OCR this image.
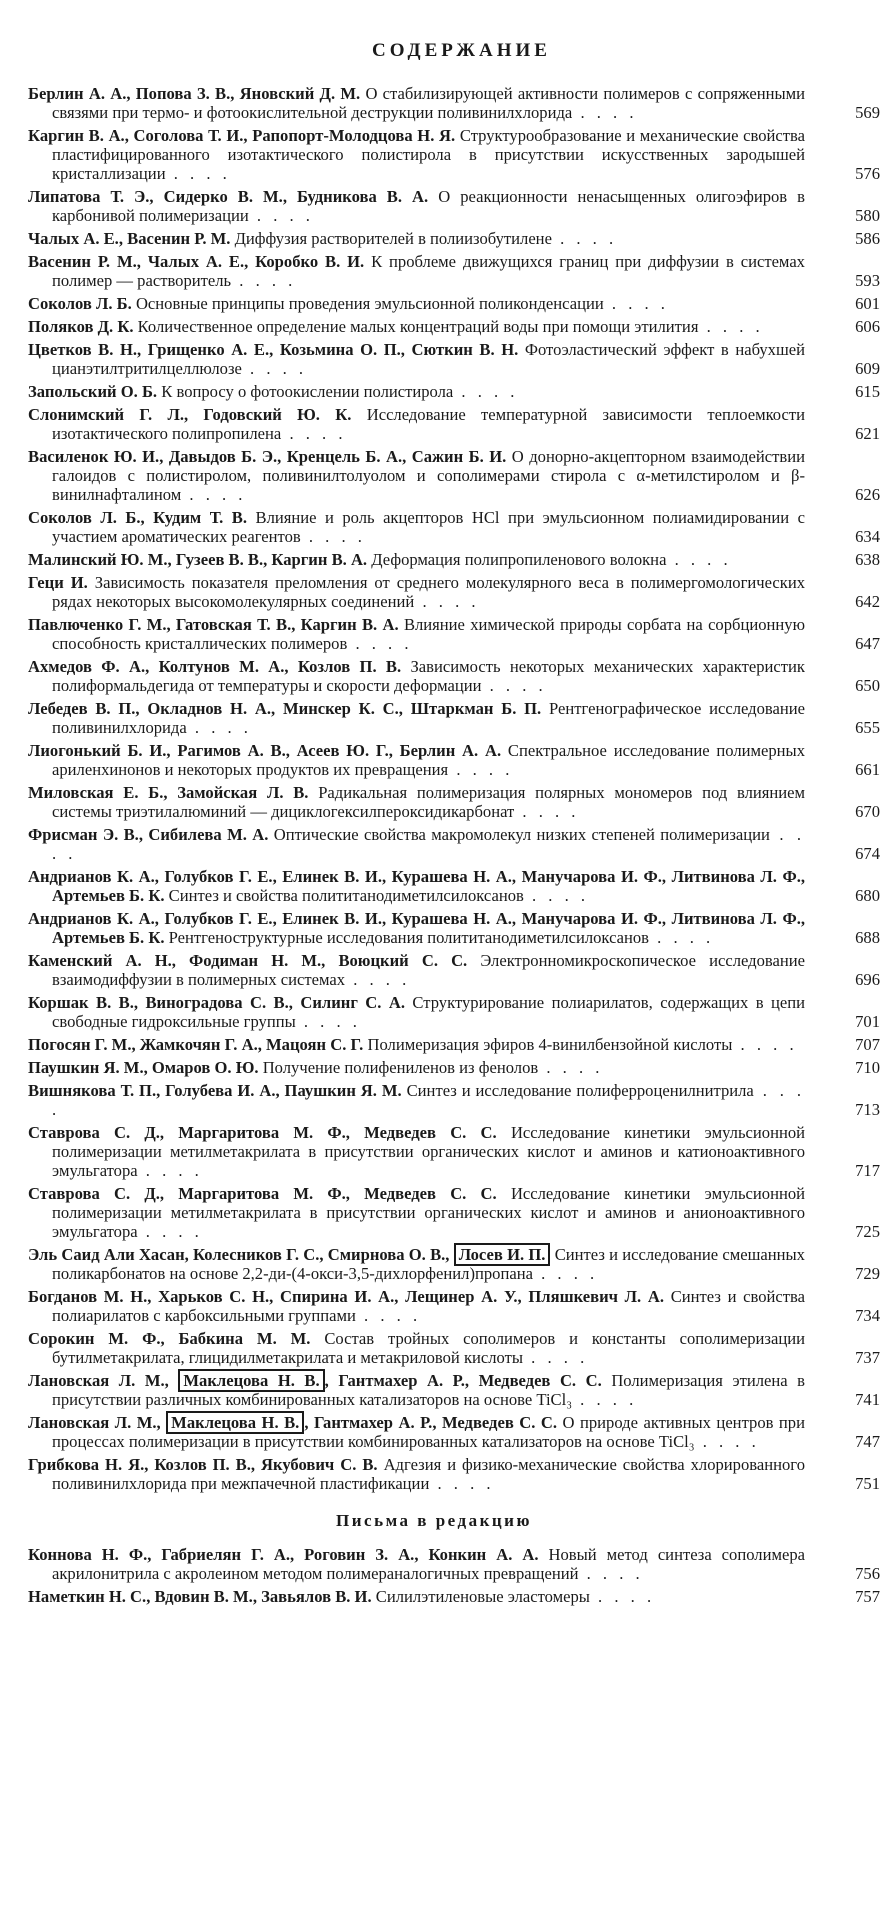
СОДЕРЖАНИЕ
Берлин А. А., Попова З. В., Яновский Д. М. О стабилизирующей активности полимеров с сопряженными связями при термо- и фотоокислительной деструкции поливинилхлорида . . . .	569
Каргин В. А., Соголова Т. И., Рапопорт-Молодцова Н. Я. Структурообразование и механические свойства пластифицированного изотактического полистирола в присутствии искусственных зародышей кристаллизации . . . .	576
Липатова Т. Э., Сидерко В. М., Будникова В. А. О реакционности ненасыщенных олигоэфиров в карбонивой полимеризации . . . .	580
Чалых А. Е., Васенин Р. М. Диффузия растворителей в полиизобутилене . . . .	586
Васенин Р. М., Чалых А. Е., Коробко В. И. К проблеме движущихся границ при диффузии в системах полимер — растворитель . . . .	593
Соколов Л. Б. Основные принципы проведения эмульсионной поликонденсации . . . .	601
Поляков Д. К. Количественное определение малых концентраций воды при помощи этилития . . . .	606
Цветков В. Н., Грищенко А. Е., Козьмина О. П., Сюткин В. Н. Фотоэластический эффект в набухшей цианэтилтритилцеллюлозе . . . .	609
Запольский О. Б. К вопросу о фотоокислении полистирола . . . .	615
Слонимский Г. Л., Годовский Ю. К. Исследование температурной зависимости теплоемкости изотактического полипропилена . . . .	621
Василенок Ю. И., Давыдов Б. Э., Кренцель Б. А., Сажин Б. И. О донорно-акцепторном взаимодействии галоидов с полистиролом, поливинилтолуолом и сополимерами стирола с α-метилстиролом и β-винилнафталином . . . .	626
Соколов Л. Б., Кудим Т. В. Влияние и роль акцепторов HCl при эмульсионном полиамидировании с участием ароматических реагентов . . . .	634
Малинский Ю. М., Гузеев В. В., Каргин В. А. Деформация полипропиленового волокна . . . .	638
Геци И. Зависимость показателя преломления от среднего молекулярного веса в полимергомологических рядах некоторых высокомолекулярных соединений . . . .	642
Павлюченко Г. М., Гатовская Т. В., Каргин В. А. Влияние химической природы сорбата на сорбционную способность кристаллических полимеров . . . .	647
Ахмедов Ф. А., Колтунов М. А., Козлов П. В. Зависимость некоторых механических характеристик полиформальдегида от температуры и скорости деформации . . . .	650
Лебедев В. П., Окладнов Н. А., Минскер К. С., Штаркман Б. П. Рентгенографическое исследование поливинилхлорида . . . .	655
Лиогонький Б. И., Рагимов А. В., Асеев Ю. Г., Берлин А. А. Спектральное исследование полимерных ариленхинонов и некоторых продуктов их превращения . . . .	661
Миловская Е. Б., Замойская Л. В. Радикальная полимеризация полярных мономеров под влиянием системы триэтилалюминий — дициклогексилпероксидикарбонат . . . .	670
Фрисман Э. В., Сибилева М. А. Оптические свойства макромолекул низких степеней полимеризации . . . .	674
Андрианов К. А., Голубков Г. Е., Елинек В. И., Курашева Н. А., Манучарова И. Ф., Литвинова Л. Ф., Артемьев Б. К. Синтез и свойства полититанодиметилсилоксанов . . . .	680
Андрианов К. А., Голубков Г. Е., Елинек В. И., Курашева Н. А., Манучарова И. Ф., Литвинова Л. Ф., Артемьев Б. К. Рентгеноструктурные исследования полититанодиметилсилоксанов . . . .	688
Каменский А. Н., Фодиман Н. М., Воюцкий С. С. Электронномикроскопическое исследование взаимодиффузии в полимерных системах . . . .	696
Коршак В. В., Виноградова С. В., Силинг С. А. Структурирование полиарилатов, содержащих в цепи свободные гидроксильные группы . . . .	701
Погосян Г. М., Жамкочян Г. А., Мацоян С. Г. Полимеризация эфиров 4-винилбензойной кислоты . . . .	707
Паушкин Я. М., Омаров О. Ю. Получение полифениленов из фенолов . . . .	710
Вишнякова Т. П., Голубева И. А., Паушкин Я. М. Синтез и исследование полиферроценилнитрила . . . .	713
Ставрова С. Д., Маргаритова М. Ф., Медведев С. С. Исследование кинетики эмульсионной полимеризации метилметакрилата в присутствии органических кислот и аминов и катионоактивного эмульгатора . . . .	717
Ставрова С. Д., Маргаритова М. Ф., Медведев С. С. Исследование кинетики эмульсионной полимеризации метилметакрилата в присутствии органических кислот и аминов и анионоактивного эмульгатора . . . .	725
Эль Саид Али Хасан, Колесников Г. С., Смирнова О. В., Лосев И. П. Синтез и исследование смешанных поликарбонатов на основе 2,2-ди-(4-окси-3,5-дихлорфенил)пропана . . . .	729
Богданов М. Н., Харьков С. Н., Спирина И. А., Лещинер А. У., Пляшкевич Л. А. Синтез и свойства полиарилатов с карбоксильными группами . . . .	734
Сорокин М. Ф., Бабкина М. М. Состав тройных сополимеров и константы сополимеризации бутилметакрилата, глицидилметакрилата и метакриловой кислоты . . . .	737
Лановская Л. М., Маклецова Н. В. , Гантмахер А. Р., Медведев С. С. Полимеризация этилена в присутствии различных комбинированных катализаторов на основе TiCl₃ . . . .	741
Лановская Л. М., Маклецова Н. В. , Гантмахер А. Р., Медведев С. С. О природе активных центров при процессах полимеризации в присутствии комбинированных катализаторов на основе TiCl₃ . . . .	747
Грибкова Н. Я., Козлов П. В., Якубович С. В. Адгезия и физико-механические свойства хлорированного поливинилхлорида при межпачечной пластификации . . . .	751
Письма в редакцию
Коннова Н. Ф., Габриелян Г. А., Роговин З. А., Конкин А. А. Новый метод синтеза сополимера акрилонитрила с акролеином методом полимераналогичных превращений . . . .	756
Наметкин Н. С., Вдовин В. М., Завьялов В. И. Силилэтиленовые эластомеры . . . .	757
